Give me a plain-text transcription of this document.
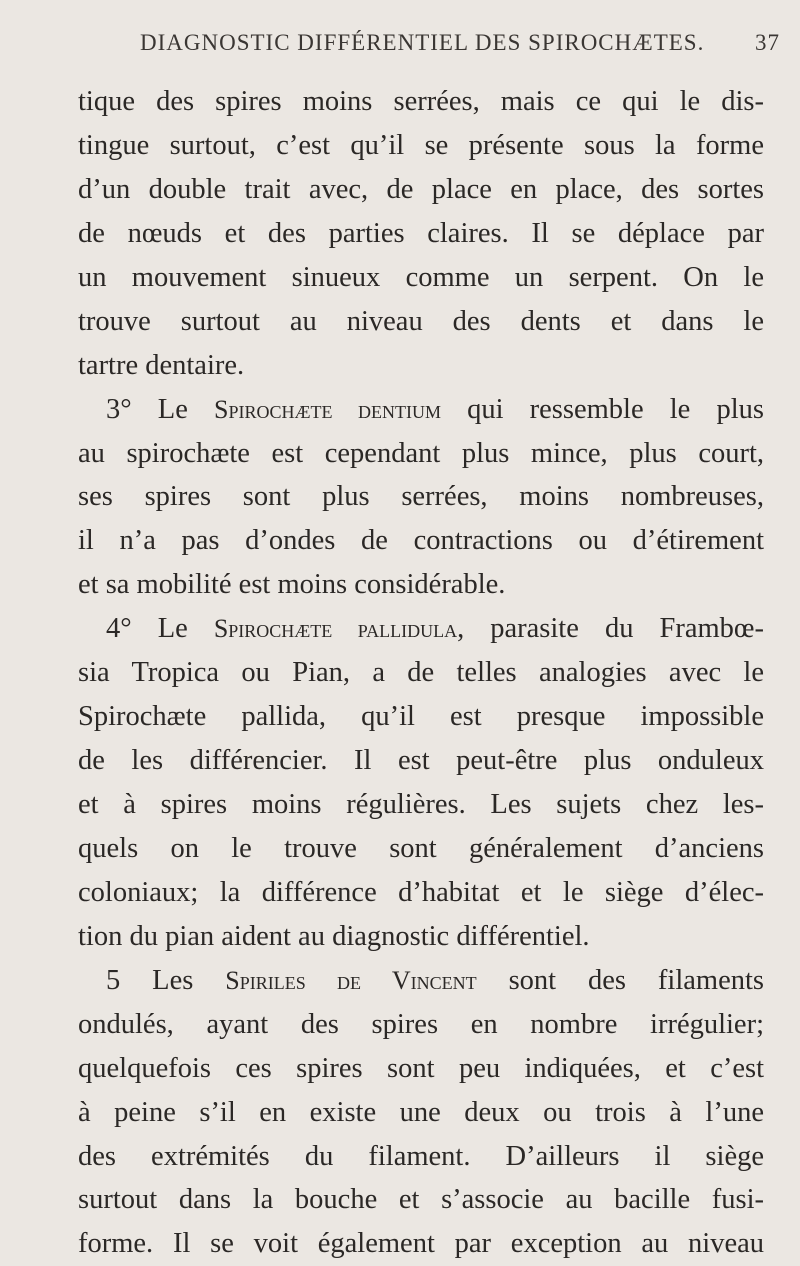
DIAGNOSTIC DIFFÉRENTIEL DES SPIROCHÆTES. 37
tique des spires moins serrées, mais ce qui le dis-
tingue surtout, c’est qu’il se présente sous la forme
d’un double trait avec, de place en place, des sortes
de nœuds et des parties claires. Il se déplace par
un mouvement sinueux comme un serpent. On le
trouve surtout au niveau des dents et dans le
tartre dentaire.
3° Le Spirochæte dentium qui ressemble le plus
au spirochæte est cependant plus mince, plus court,
ses spires sont plus serrées, moins nombreuses,
il n’a pas d’ondes de contractions ou d’étirement
et sa mobilité est moins considérable.
4° Le Spirochæte pallidula, parasite du Frambœ-
sia Tropica ou Pian, a de telles analogies avec le
Spirochæte pallida, qu’il est presque impossible
de les différencier. Il est peut-être plus onduleux
et à spires moins régulières. Les sujets chez les-
quels on le trouve sont généralement d’anciens
coloniaux; la différence d’habitat et le siège d’élec-
tion du pian aident au diagnostic différentiel.
5 Les Spiriles de Vincent sont des filaments
ondulés, ayant des spires en nombre irrégulier;
quelquefois ces spires sont peu indiquées, et c’est
à peine s’il en existe une deux ou trois à l’une
des extrémités du filament. D’ailleurs il siège
surtout dans la bouche et s’associe au bacille fusi-
forme. Il se voit également par exception au niveau
